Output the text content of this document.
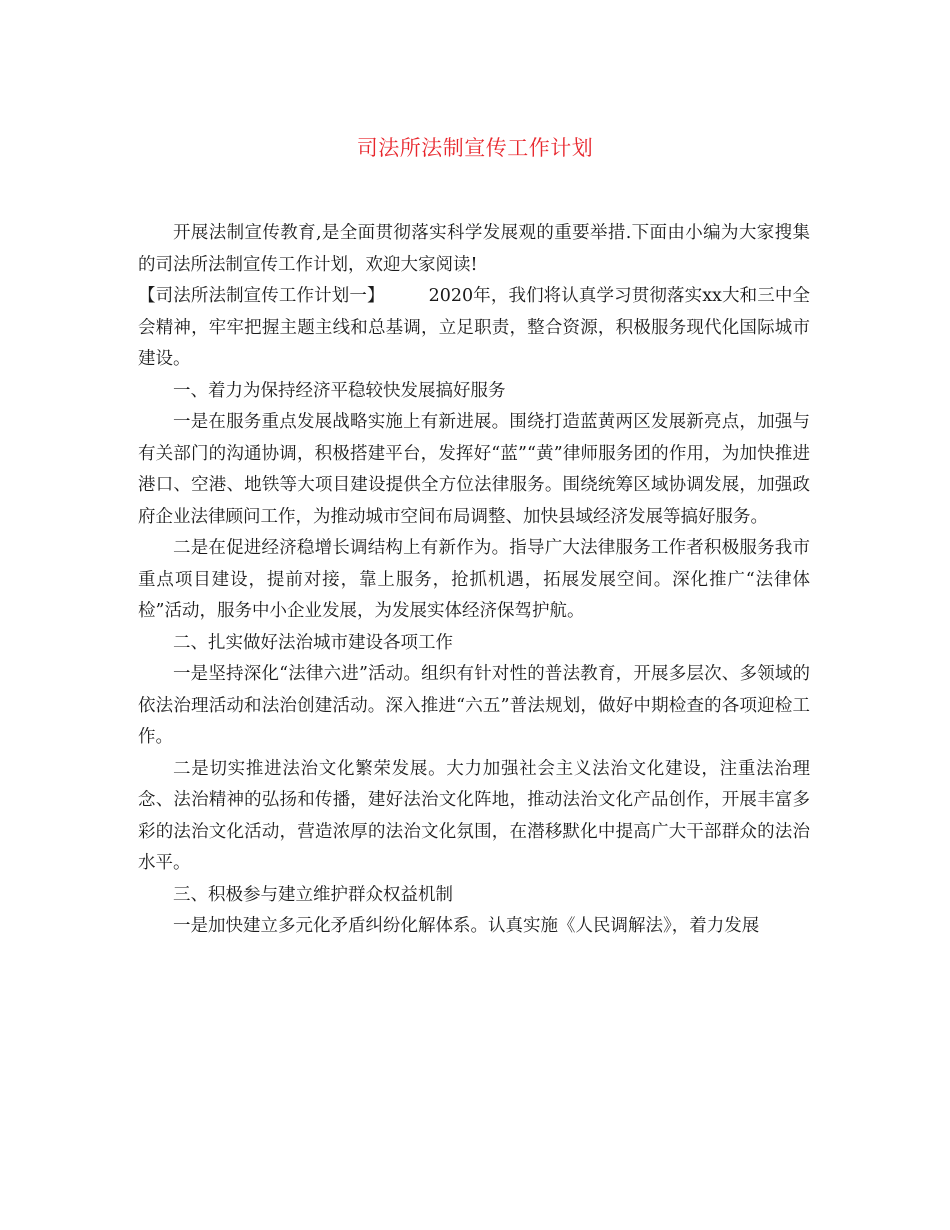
司法所法制宣传工作计划

开展法制宣传教育,是全面贯彻落实科学发展观的重要举措.下面由小编为大家搜集的司法所法制宣传工作计划，欢迎大家阅读!

【司法所法制宣传工作计划一】	2020年，我们将认真学习贯彻落实xx大和三中全会精神，牢牢把握主题主线和总基调，立足职责，整合资源，积极服务现代化国际城市建设。

一、着力为保持经济平稳较快发展搞好服务

一是在服务重点发展战略实施上有新进展。围绕打造蓝黄两区发展新亮点，加强与有关部门的沟通协调，积极搭建平台，发挥好“蓝”“黄”律师服务团的作用，为加快推进港口、空港、地铁等大项目建设提供全方位法律服务。围绕统筹区域协调发展，加强政府企业法律顾问工作，为推动城市空间布局调整、加快县域经济发展等搞好服务。

二是在促进经济稳增长调结构上有新作为。指导广大法律服务工作者积极服务我市重点项目建设，提前对接，靠上服务，抢抓机遇，拓展发展空间。深化推广“法律体检”活动，服务中小企业发展，为发展实体经济保驾护航。

二、扎实做好法治城市建设各项工作

一是坚持深化“法律六进”活动。组织有针对性的普法教育，开展多层次、多领域的依法治理活动和法治创建活动。深入推进“六五”普法规划，做好中期检查的各项迎检工作。

二是切实推进法治文化繁荣发展。大力加强社会主义法治文化建设，注重法治理念、法治精神的弘扬和传播，建好法治文化阵地，推动法治文化产品创作，开展丰富多彩的法治文化活动，营造浓厚的法治文化氛围，在潜移默化中提高广大干部群众的法治水平。

三、积极参与建立维护群众权益机制

一是加快建立多元化矛盾纠纷化解体系。认真实施《人民调解法》，着力发展
